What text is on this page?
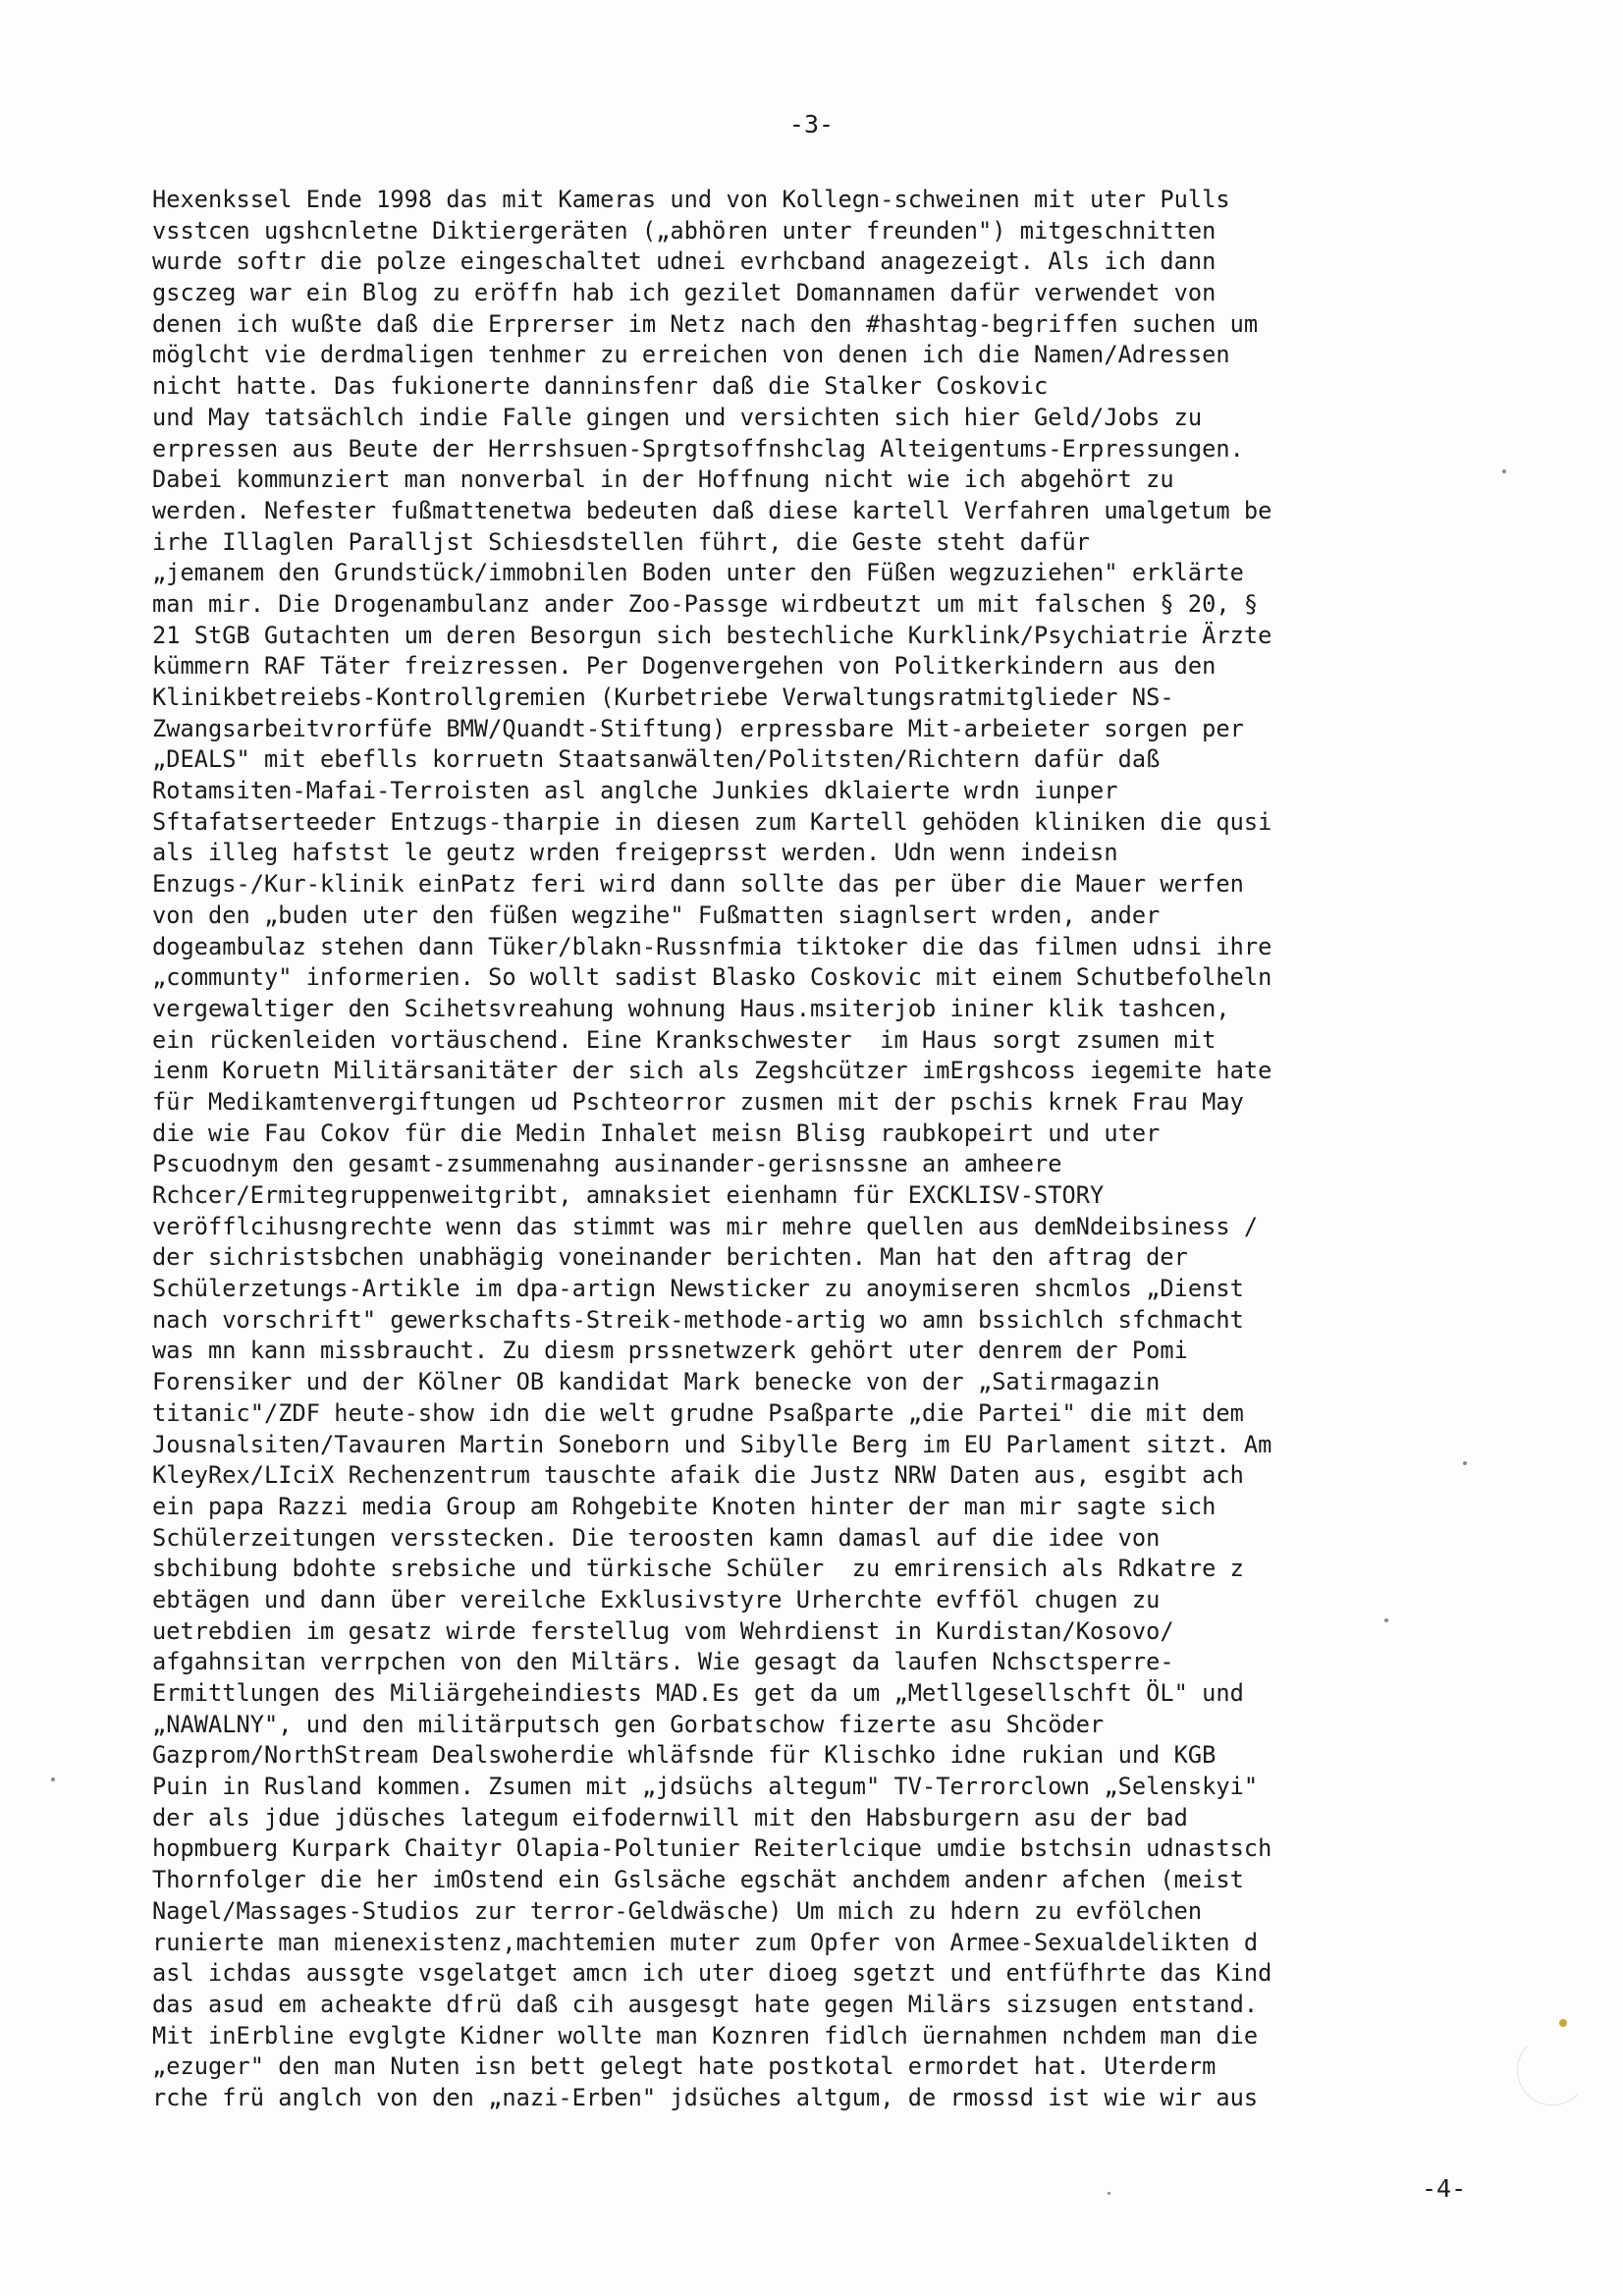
-3-
Hexenkssel Ende 1998 das mit Kameras und von Kollegn-schweinen mit uter Pulls
vsstcen ugshcnletne Diktiergeräten („abhören unter freunden") mitgeschnitten
wurde softr die polze eingeschaltet udnei evrhcband anagezeigt. Als ich dann
gsczeg war ein Blog zu eröffn hab ich gezilet Domannamen dafür verwendet von
denen ich wußte daß die Erprerser im Netz nach den #hashtag-begriffen suchen um
möglcht vie derdmaligen tenhmer zu erreichen von denen ich die Namen/Adressen
nicht hatte. Das fukionerte danninsfenr daß die Stalker Coskovic
und May tatsächlch indie Falle gingen und versichten sich hier Geld/Jobs zu
erpressen aus Beute der Herrshsuen-Sprgtsoffnshclag Alteigentums-Erpressungen.
Dabei kommunziert man nonverbal in der Hoffnung nicht wie ich abgehört zu
werden. Nefester fußmattenetwa bedeuten daß diese kartell Verfahren umalgetum be
irhe Illaglen Paralljst Schiesdstellen führt, die Geste steht dafür
„jemanem den Grundstück/immobnilen Boden unter den Füßen wegzuziehen" erklärte
man mir. Die Drogenambulanz ander Zoo-Passge wirdbeutzt um mit falschen § 20, §
21 StGB Gutachten um deren Besorgun sich bestechliche Kurklink/Psychiatrie Ärzte
kümmern RAF Täter freizressen. Per Dogenvergehen von Politkerkindern aus den
Klinikbetreiebs-Kontrollgremien (Kurbetriebe Verwaltungsratmitglieder NS-
Zwangsarbeitvrorfüfe BMW/Quandt-Stiftung) erpressbare Mit-arbeieter sorgen per
„DEALS" mit ebeflls korruetn Staatsanwälten/Politsten/Richtern dafür daß
Rotamsiten-Mafai-Terroisten asl anglche Junkies dklaierte wrdn iunper
Sftafatserteeder Entzugs-tharpie in diesen zum Kartell gehöden kliniken die qusi
als illeg hafstst le geutz wrden freigeprsst werden. Udn wenn indeisn
Enzugs-/Kur-klinik einPatz feri wird dann sollte das per über die Mauer werfen
von den „buden uter den füßen wegzihe" Fußmatten siagnlsert wrden, ander
dogeambulaz stehen dann Tüker/blakn-Russnfmia tiktoker die das filmen udnsi ihre
„communty" informerien. So wollt sadist Blasko Coskovic mit einem Schutbefolheln
vergewaltiger den Scihetsvreahung wohnung Haus.msiterjob ininer klik tashcen,
ein rückenleiden vortäuschend. Eine Krankschwester  im Haus sorgt zsumen mit
ienm Koruetn Militärsanitäter der sich als Zegshcützer imErgshcoss iegemite hate
für Medikamtenvergiftungen ud Pschteorror zusmen mit der pschis krnek Frau May
die wie Fau Cokov für die Medin Inhalet meisn Blisg raubkopeirt und uter
Pscuodnym den gesamt-zsummenahng ausinander-gerisnssne an amheere
Rchcer/Ermitegruppenweitgribt, amnaksiet eienhamn für EXCKLISV-STORY
veröfflcihusngrechte wenn das stimmt was mir mehre quellen aus demNdeibsiness /
der sichristsbchen unabhägig voneinander berichten. Man hat den aftrag der
Schülerzetungs-Artikle im dpa-artign Newsticker zu anoymiseren shcmlos „Dienst
nach vorschrift" gewerkschafts-Streik-methode-artig wo amn bssichlch sfchmacht
was mn kann missbraucht. Zu diesm prssnetwzerk gehört uter denrem der Pomi
Forensiker und der Kölner OB kandidat Mark benecke von der „Satirmagazin
titanic"/ZDF heute-show idn die welt grudne Psaßparte „die Partei" die mit dem
Jousnalsiten/Tavauren Martin Soneborn und Sibylle Berg im EU Parlament sitzt. Am
KleyRex/LIciX Rechenzentrum tauschte afaik die Justz NRW Daten aus, esgibt ach
ein papa Razzi media Group am Rohgebite Knoten hinter der man mir sagte sich
Schülerzeitungen versstecken. Die teroosten kamn damasl auf die idee von
sbchibung bdohte srebsiche und türkische Schüler  zu emrirensich als Rdkatre z
ebtägen und dann über vereilche Exklusivstyre Urherchte evfföl chugen zu
uetrebdien im gesatz wirde ferstellug vom Wehrdienst in Kurdistan/Kosovo/
afgahnsitan verrpchen von den Miltärs. Wie gesagt da laufen Nchsctsperre-
Ermittlungen des Miliärgeheindiests MAD.Es get da um „Metllgesellschft ÖL" und
„NAWALNY", und den militärputsch gen Gorbatschow fizerte asu Shcöder
Gazprom/NorthStream Dealswoherdie whläfsnde für Klischko idne rukian und KGB
Puin in Rusland kommen. Zsumen mit „jdsüchs altegum" TV-Terrorclown „Selenskyi"
der als jdue jdüsches lategum eifodernwill mit den Habsburgern asu der bad
hopmbuerg Kurpark Chaityr Olapia-Poltunier Reiterlcique umdie bstchsin udnastsch
Thornfolger die her imOstend ein Gslsäche egschät anchdem andenr afchen (meist
Nagel/Massages-Studios zur terror-Geldwäsche) Um mich zu hdern zu evfölchen
runierte man mienexistenz,machtemien muter zum Opfer von Armee-Sexualdelikten d
asl ichdas aussgte vsgelatget amcn ich uter dioeg sgetzt und entfüfhrte das Kind
das asud em acheakte dfrü daß cih ausgesgt hate gegen Milärs sizsugen entstand.
Mit inErbline evglgte Kidner wollte man Koznren fidlch üernahmen nchdem man die
„ezuger" den man Nuten isn bett gelegt hate postkotal ermordet hat. Uterderm
rche frü anglch von den „nazi-Erben" jdsüches altgum, de rmossd ist wie wir aus
-4-
